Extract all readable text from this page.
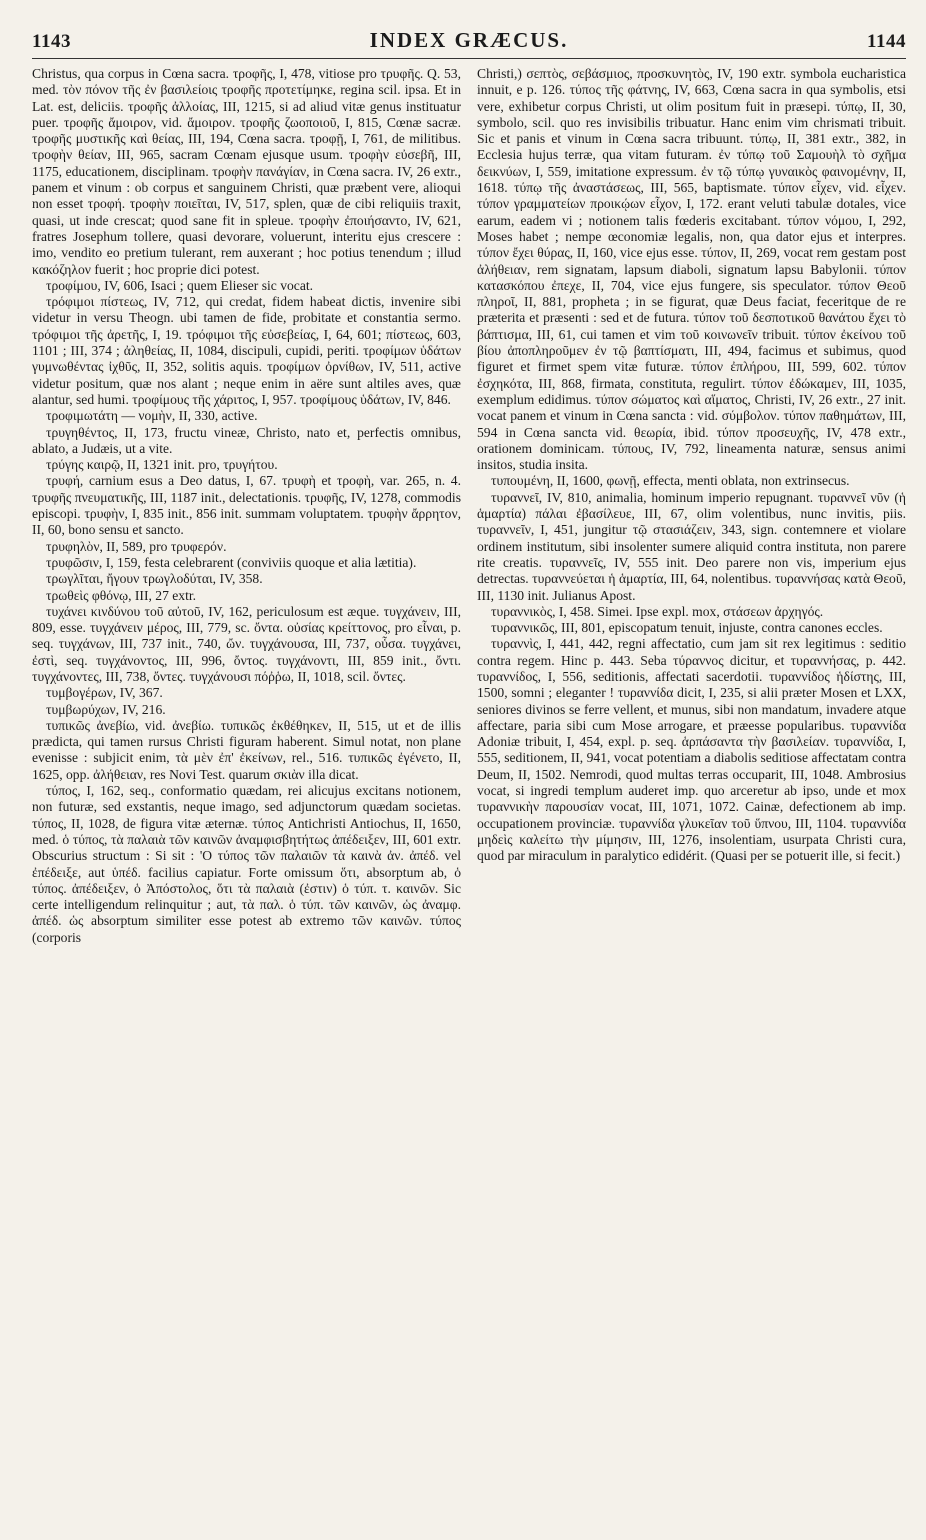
1143	INDEX GRÆCUS.	1144

Christus, qua corpus in Cœna sacra. τροφῆς, I, 478, vitiose pro τρυφῆς. Q. 53, med. τὸν πόνον τῆς ἐν βασιλείοις τροφῆς προτετίμηκε, regina scil. ipsa. Et in Lat. est, deliciis. τροφῆς ἀλλοίας, III, 1215, si ad aliud vitæ genus instituatur puer. τροφῆς ἄμοιρον, vid. ἄμοιρον. τροφῆς ζωοποιοῦ, I, 815, Cœnæ sacræ. τροφῆς μυστικῆς καὶ θείας, III, 194, Cœna sacra. τροφῇ, I, 761, de militibus. τροφὴν θείαν, III, 965, sacram Cœnam ejusque usum. τροφὴν εὐσεβῆ, III, 1175, educationem, disciplinam. τροφὴν πανάγίαν, in Cœna sacra. IV, 26 extr., panem et vinum : ob corpus et sanguinem Christi, quæ præbent vere, alioqui non esset τροφή. τροφὴν ποιεῖται, IV, 517, splen, quæ de cibi reliquiis traxit, quasi, ut inde crescat; quod sane fit in spleue. τροφὴν ἐποιήσαντο, IV, 621, fratres Josephum tollere, quasi devorare, voluerunt, interitu ejus crescere : imo, vendito eo pretium tulerant, rem auxerant ; hoc potius tenendum ; illud κακόζηλον fuerit ; hoc proprie dici potest.

τροφίμου, IV, 606, Isaci ; quem Elieser sic vocat.

τρόφιμοι πίστεως, IV, 712, qui credat, fidem habeat dictis, invenire sibi videtur in versu Theogn. ubi tamen de fide, probitate et constantia sermo. τρόφιμοι τῆς ἀρετῆς, I, 19. τρόφιμοι τῆς εὐσεβείας, I, 64, 601; πίστεως, 603, 1101 ; III, 374 ; ἀληθείας, II, 1084, discipuli, cupidi, periti. τροφίμων ὑδάτων γυμνωθέντας ἰχθῦς, II, 352, solitis aquis. τροφίμων ὀρνίθων, IV, 511, active videtur positum, quæ nos alant ; neque enim in aëre sunt altiles aves, quæ alantur, sed humi. τροφίμους τῆς χάριτος, I, 957. τροφίμους ὑδάτων, IV, 846.

τροφιμωτάτη — νομὴν, II, 330, active.

τρυγηθέντος, II, 173, fructu vineæ, Christo, nato et, perfectis omnibus, ablato, a Judæis, ut a vite.

τρύγης καιρῷ, II, 1321 init. pro, τρυγήτου.

τρυφή, carnium esus a Deo datus, I, 67. τρυφὴ et τροφὴ, var. 265, n. 4. τρυφῆς πνευματικῆς, III, 1187 init., delectationis. τρυφῆς, IV, 1278, commodis episcopi. τρυφὴν, I, 835 init., 856 init. summam voluptatem. τρυφὴν ἄρρητον, II, 60, bono sensu et sancto.

τρυφηλὸν, II, 589, pro τρυφερόν.

τρυφῶσιν, I, 159, festa celebrarent (conviviis quoque et alia lætitia).

τρωγλῖται, ἤγουν τρωγλοδύται, IV, 358.

τρωθεὶς φθόνῳ, III, 27 extr.

τυχάνει κινδύνου τοῦ αὐτοῦ, IV, 162, periculosum est æque. τυγχάνειν, III, 809, esse. τυγχάνειν μέρος, III, 779, sc. ὄντα. οὐσίας κρείττονος, pro εἶναι, p. seq. τυγχάνων, III, 737 init., 740, ὤν. τυγχάνουσα, III, 737, οὖσα. τυγχάνει, ἐστὶ, seq. τυγχάνοντος, III, 996, ὄντος. τυγχάνοντι, III, 859 init., ὄντι. τυγχάνοντες, III, 738, ὄντες. τυγχάνουσι πόῤῥω, II, 1018, scil. ὄντες.

τυμβογέρων, IV, 367.

τυμβωρύχων, IV, 216.

τυπικῶς ἀνεβίω, vid. ἀνεβίω. τυπικῶς ἐκθέθηκεν, II, 515, ut et de illis prædicta, qui tamen rursus Christi figuram haberent. Simul notat, non plane evenisse : subjicit enim, τὰ μὲν ἐπ' ἐκείνων, rel., 516. τυπικῶς ἐγένετο, II, 1625, opp. ἀλήθειαν, res Novi Test. quarum σκιὰν illa dicat.

τύπος, I, 162, seq., conformatio quædam, rei alicujus excitans notionem, non futuræ, sed exstantis, neque imago, sed adjunctorum quædam societas. τύπος, II, 1028, de figura vitæ æternæ. τύπος Antichristi Antiochus, II, 1650, med. ὁ τύπος, τὰ παλαιὰ τῶν καινῶν ἀναμφισβητήτως ἀπέδειξεν, III, 601 extr. Obscurius structum : Si sit : 'Ο τύπος τῶν παλαιῶν τὰ καινὰ ἀν. ἀπέδ. vel ἐπέδειξε, aut ὑπέδ. facilius capiatur. Forte omissum ὅτι, absorptum ab, ὁ τύπος. ἀπέδειξεν, ὁ Ἀπόστολος, ὅτι τὰ παλαιὰ (ἐστιν) ὁ τύπ. τ. καινῶν. Sic certe intelligendum relinquitur ; aut, τὰ παλ. ὁ τύπ. τῶν καινῶν, ὡς ἀναμφ. ἀπέδ. ὡς absorptum similiter esse potest ab extremo τῶν καινῶν. τύπος (corporis

Christi,) σεπτὸς, σεβάσμιος, προσκυνητὸς, IV, 190 extr. symbola eucharistica innuit, e p. 126. τύπος τῆς φάτνης, IV, 663, Cœna sacra in qua symbolis, etsi vere, exhibetur corpus Christi, ut olim positum fuit in præsepi. τύπῳ, II, 30, symbolo, scil. quo res invisibilis tribuatur. Hanc enim vim chrismati tribuit. Sic et panis et vinum in Cœna sacra tribuunt. τύπῳ, II, 381 extr., 382, in Ecclesia hujus terræ, qua vitam futuram. ἐν τύπῳ τοῦ Σαμουὴλ τὸ σχῆμα δεικνύων, I, 559, imitatione expressum. ἐν τῷ τύπῳ γυναικὸς φαινομένην, II, 1618. τύπῳ τῆς ἀναστάσεως, III, 565, baptismate. τύπον εἶχεν, vid. εἶχεν. τύπον γραμματείων προικῴων εἶχον, I, 172. erant veluti tabulæ dotales, vice earum, eadem vi ; notionem talis fœderis excitabant. τύπον νόμου, I, 292, Moses habet ; nempe œconomiæ legalis, non, qua dator ejus et interpres. τύπον ἔχει θύρας, II, 160, vice ejus esse. τύπον, II, 269, vocat rem gestam post ἀλήθειαν, rem signatam, lapsum diaboli, signatum lapsu Babylonii. τύπον κατασκόπου ἐπεχε, II, 704, vice ejus fungere, sis speculator. τύπον Θεοῦ πληροῖ, II, 881, propheta ; in se figurat, quæ Deus faciat, feceritque de re præterita et præsenti : sed et de futura. τύπον τοῦ δεσποτικοῦ θανάτου ἔχει τὸ βάπτισμα, III, 61, cui tamen et vim τοῦ κοινωνεῖν tribuit. τύπον ἐκείνου τοῦ βίου ἀποπληροῦμεν ἐν τῷ βαπτίσματι, III, 494, facimus et subimus, quod figuret et firmet spem vitæ futuræ. τύπον ἐπλήρου, III, 599, 602. τύπον ἐσχηκότα, III, 868, firmata, constituta, regulirt. τύπον ἐδώκαμεν, III, 1035, exemplum edidimus. τύπον σώματος καὶ αἵματος, Christi, IV, 26 extr., 27 init. vocat panem et vinum in Cœna sancta : vid. σύμβολον. τύπον παθημάτων, III, 594 in Cœna sancta vid. θεωρία, ibid. τύπον προσευχῆς, IV, 478 extr., orationem dominicam. τύπους, IV, 792, lineamenta naturæ, sensus animi insitos, studia insita.

τυπουμένη, II, 1600, φωνῇ, effecta, menti oblata, non extrinsecus.

τυραννεῖ, IV, 810, animalia, hominum imperio repugnant. τυραννεῖ νῦν (ἡ ἁμαρτία) πάλαι ἐβασίλευε, III, 67, olim volentibus, nunc invitis, piis. τυραννεῖν, I, 451, jungitur τῷ στασιάζειν, 343, sign. contemnere et violare ordinem institutum, sibi insolenter sumere aliquid contra instituta, non parere rite creatis. τυραννεῖς, IV, 555 init. Deo parere non vis, imperium ejus detrectas. τυραννεύεται ἡ ἁμαρτία, III, 64, nolentibus. τυραννήσας κατὰ Θεοῦ, III, 1130 init. Julianus Apost.

τυραννικὸς, I, 458. Simei. Ipse expl. mox, στάσεων ἀρχηγός.

τυραννικῶς, III, 801, episcopatum tenuit, injuste, contra canones eccles.

τυραννὶς, I, 441, 442, regni affectatio, cum jam sit rex legitimus : seditio contra regem. Hinc p. 443. Seba τύραννος dicitur, et τυραννήσας, p. 442. τυραννίδος, I, 556, seditionis, affectati sacerdotii. τυραννίδος ἡδίστης, III, 1500, somni ; eleganter ! τυραννίδα dicit, I, 235, si alii præter Mosen et LXX, seniores divinos se ferre vellent, et munus, sibi non mandatum, invadere atque affectare, paria sibi cum Mose arrogare, et præesse popularibus. τυραννίδα Adoniæ tribuit, I, 454, expl. p. seq. ἁρπάσαντα τὴν βασιλείαν. τυραννίδα, I, 555, seditionem, II, 941, vocat potentiam a diabolis seditiose affectatam contra Deum, II, 1502. Nemrodi, quod multas terras occuparit, III, 1048. Ambrosius vocat, si ingredi templum auderet imp. quo arceretur ab ipso, unde et mox τυραννικὴν παρουσίαν vocat, III, 1071, 1072. Cainæ, defectionem ab imp. occupationem provinciæ. τυραννίδα γλυκεῖαν τοῦ ὕπνου, III, 1104. τυραννίδα μηδεὶς καλείτω τὴν μίμησιν, III, 1276, insolentiam, usurpata Christi cura, quod par miraculum in paralytico edidérit. (Quasi per se potuerit ille, si fecit.)
